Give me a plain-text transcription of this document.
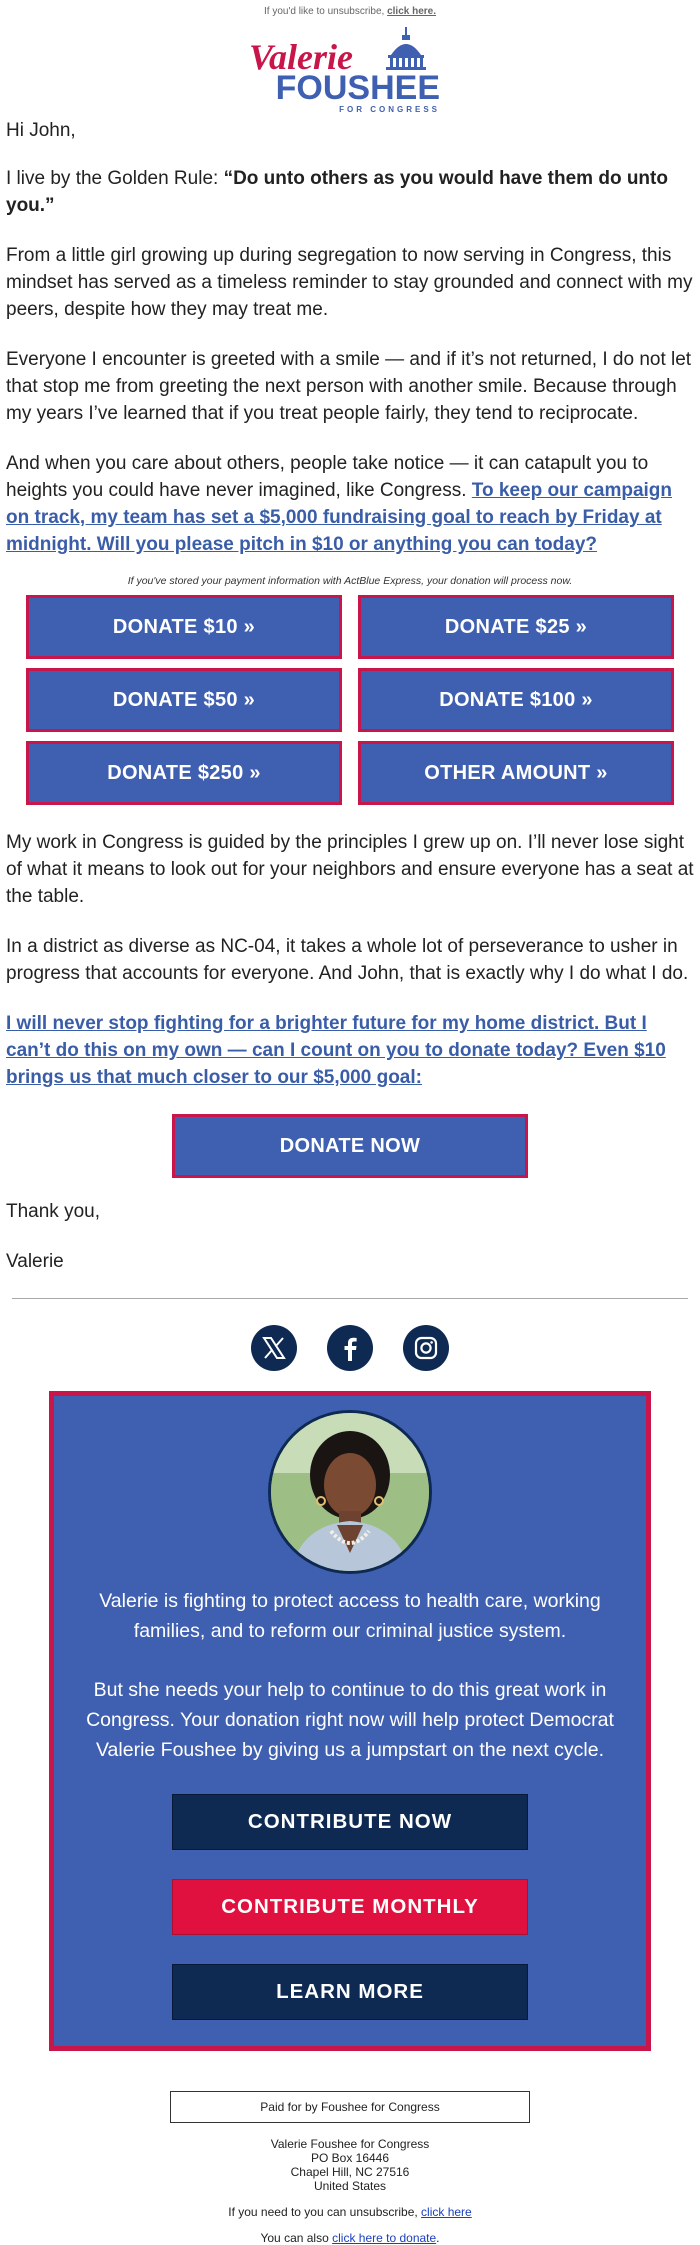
If you'd like to unsubscribe, click here.
Valerie
FOUSHEE
FOR CONGRESS

Hi John,

I live by the Golden Rule: “Do unto others as you would have them do unto you.”

From a little girl growing up during segregation to now serving in Congress, this mindset has served as a timeless reminder to stay grounded and connect with my peers, despite how they may treat me.

Everyone I encounter is greeted with a smile — and if it’s not returned, I do not let that stop me from greeting the next person with another smile. Because through my years I’ve learned that if you treat people fairly, they tend to reciprocate.

And when you care about others, people take notice — it can catapult you to heights you could have never imagined, like Congress. To keep our campaign on track, my team has set a $5,000 fundraising goal to reach by Friday at midnight. Will you please pitch in $10 or anything you can today?

If you've stored your payment information with ActBlue Express, your donation will process now.
DONATE $10 »	DONATE $25 »
DONATE $50 »	DONATE $100 »
DONATE $250 »	OTHER AMOUNT »

My work in Congress is guided by the principles I grew up on. I’ll never lose sight of what it means to look out for your neighbors and ensure everyone has a seat at the table.

In a district as diverse as NC-04, it takes a whole lot of perseverance to usher in progress that accounts for everyone. And John, that is exactly why I do what I do.

I will never stop fighting for a brighter future for my home district. But I can’t do this on my own — can I count on you to donate today? Even $10 brings us that much closer to our $5,000 goal:

DONATE NOW

Thank you,

Valerie

Valerie is fighting to protect access to health care, working families, and to reform our criminal justice system.

But she needs your help to continue to do this great work in Congress. Your donation right now will help protect Democrat Valerie Foushee by giving us a jumpstart on the next cycle.

CONTRIBUTE NOW
CONTRIBUTE MONTHLY
LEARN MORE
Paid for by Foushee for Congress
Valerie Foushee for Congress
PO Box 16446
Chapel Hill, NC 27516
United States
If you need to you can unsubscribe, click here
You can also click here to donate.
